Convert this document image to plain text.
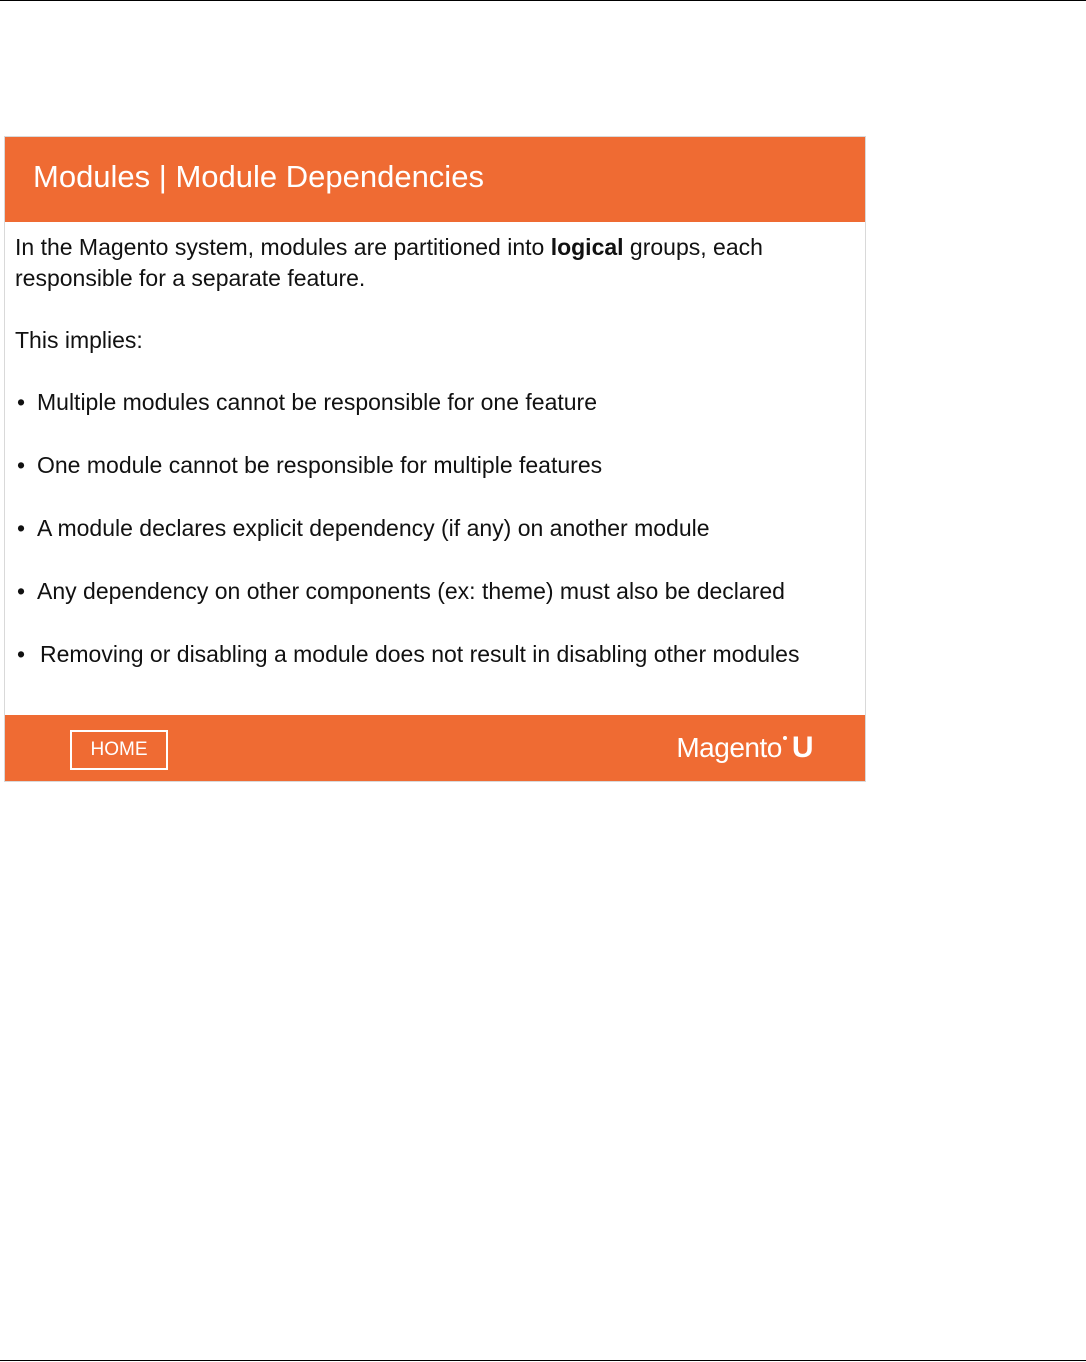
Modules | Module Dependencies

In the Magento system, modules are partitioned into logical groups, each responsible for a separate feature.

This implies:

• Multiple modules cannot be responsible for one feature
• One module cannot be responsible for multiple features
• A module declares explicit dependency (if any) on another module
• Any dependency on other components (ex: theme) must also be declared
• Removing or disabling a module does not result in disabling other modules
HOME	Magento U
